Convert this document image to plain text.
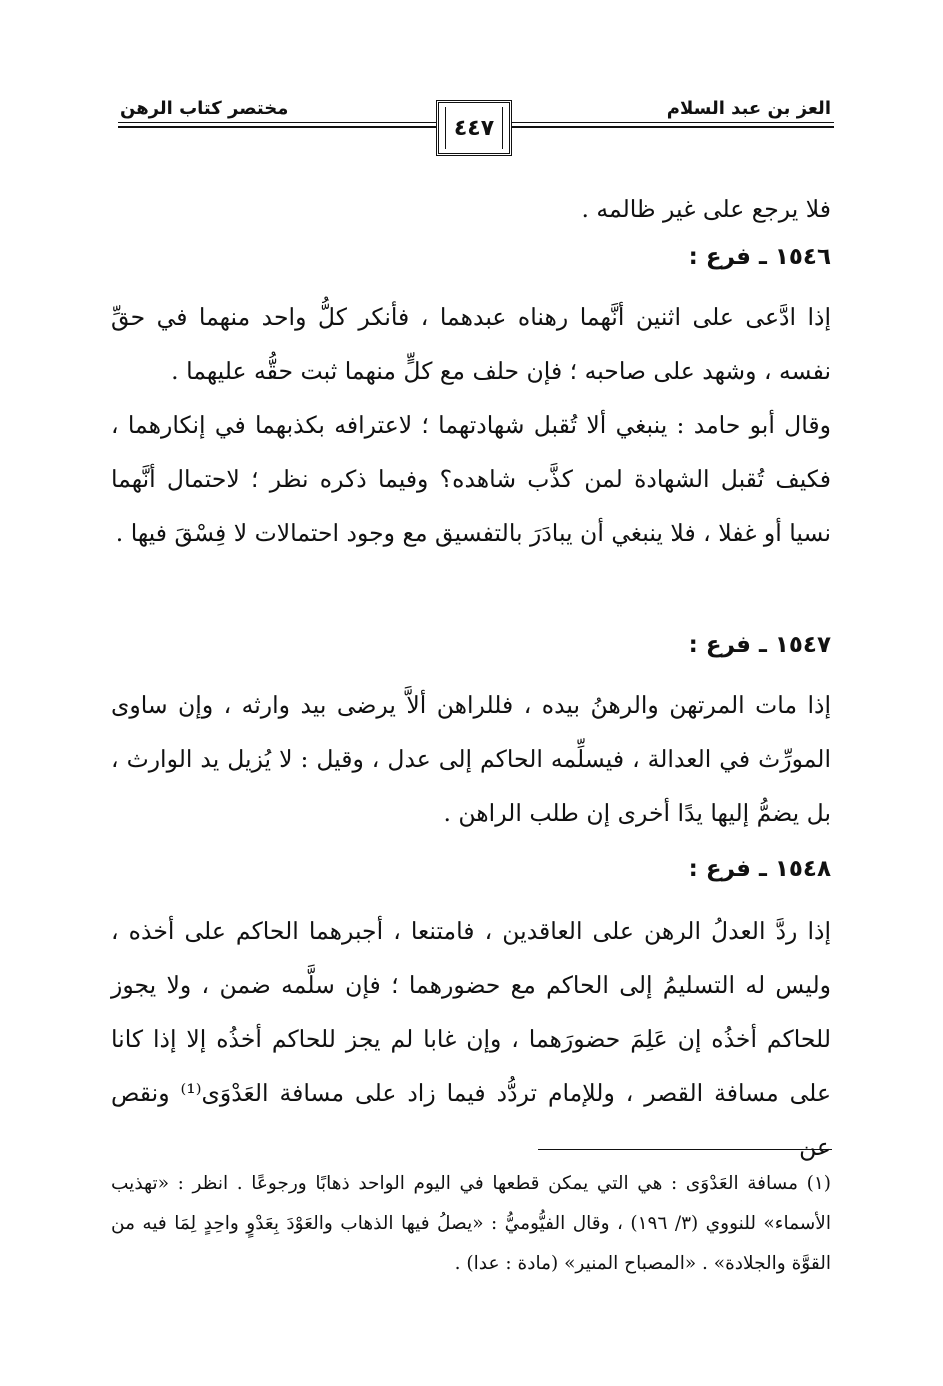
العز بن عبد السلام
مختصر كتاب الرهن
٤٤٧

فلا يرجع على غير ظالمه .

١٥٤٦ ـ فرع :

إذا ادَّعى على اثنين أنَّهما رهناه عبدهما ، فأنكر كلُّ واحد منهما في حقِّ نفسه ، وشهد على صاحبه ؛ فإن حلف مع كلٍّ منهما ثبت حقُّه عليهما .

وقال أبو حامد : ينبغي ألا تُقبل شهادتهما ؛ لاعترافه بكذبهما في إنكارهما ، فكيف تُقبل الشهادة لمن كذَّب شاهده؟ وفيما ذكره نظر ؛ لاحتمال أنَّهما نسيا أو غفلا ، فلا ينبغي أن يبادَرَ بالتفسيق مع وجود احتمالات لا فِسْقَ فيها .

١٥٤٧ ـ فرع :

إذا مات المرتهن والرهنُ بيده ، فللراهن ألاَّ يرضى بيد وارثه ، وإن ساوى المورِّث في العدالة ، فيسلِّمه الحاكم إلى عدل ، وقيل : لا يُزيل يد الوارث ، بل يضمُّ إليها يدًا أخرى إن طلب الراهن .

١٥٤٨ ـ فرع :

إذا ردَّ العدلُ الرهن على العاقدين ، فامتنعا ، أجبرهما الحاكم على أخذه ، وليس له التسليمُ إلى الحاكم مع حضورهما ؛ فإن سلَّمه ضمن ، ولا يجوز للحاكم أخذُه إن عَلِمَ حضورَهما ، وإن غابا لم يجز للحاكم أخذُه إلا إذا كانا على مسافة القصر ، وللإمام تردُّد فيما زاد على مسافة العَدْوَى⁽¹⁾ ونقص عن

(١) مسافة العَدْوَى : هي التي يمكن قطعها في اليوم الواحد ذهابًا ورجوعًا . انظر : «تهذيب الأسماء» للنووي (٣/ ١٩٦) ، وقال الفيُّوميُّ : «يصلُ فيها الذهاب والعَوْدَ بِعَدْوٍ واحِدٍ لِمَا فيه من القوَّة والجلادة» . «المصباح المنير» (مادة : عدا) .
